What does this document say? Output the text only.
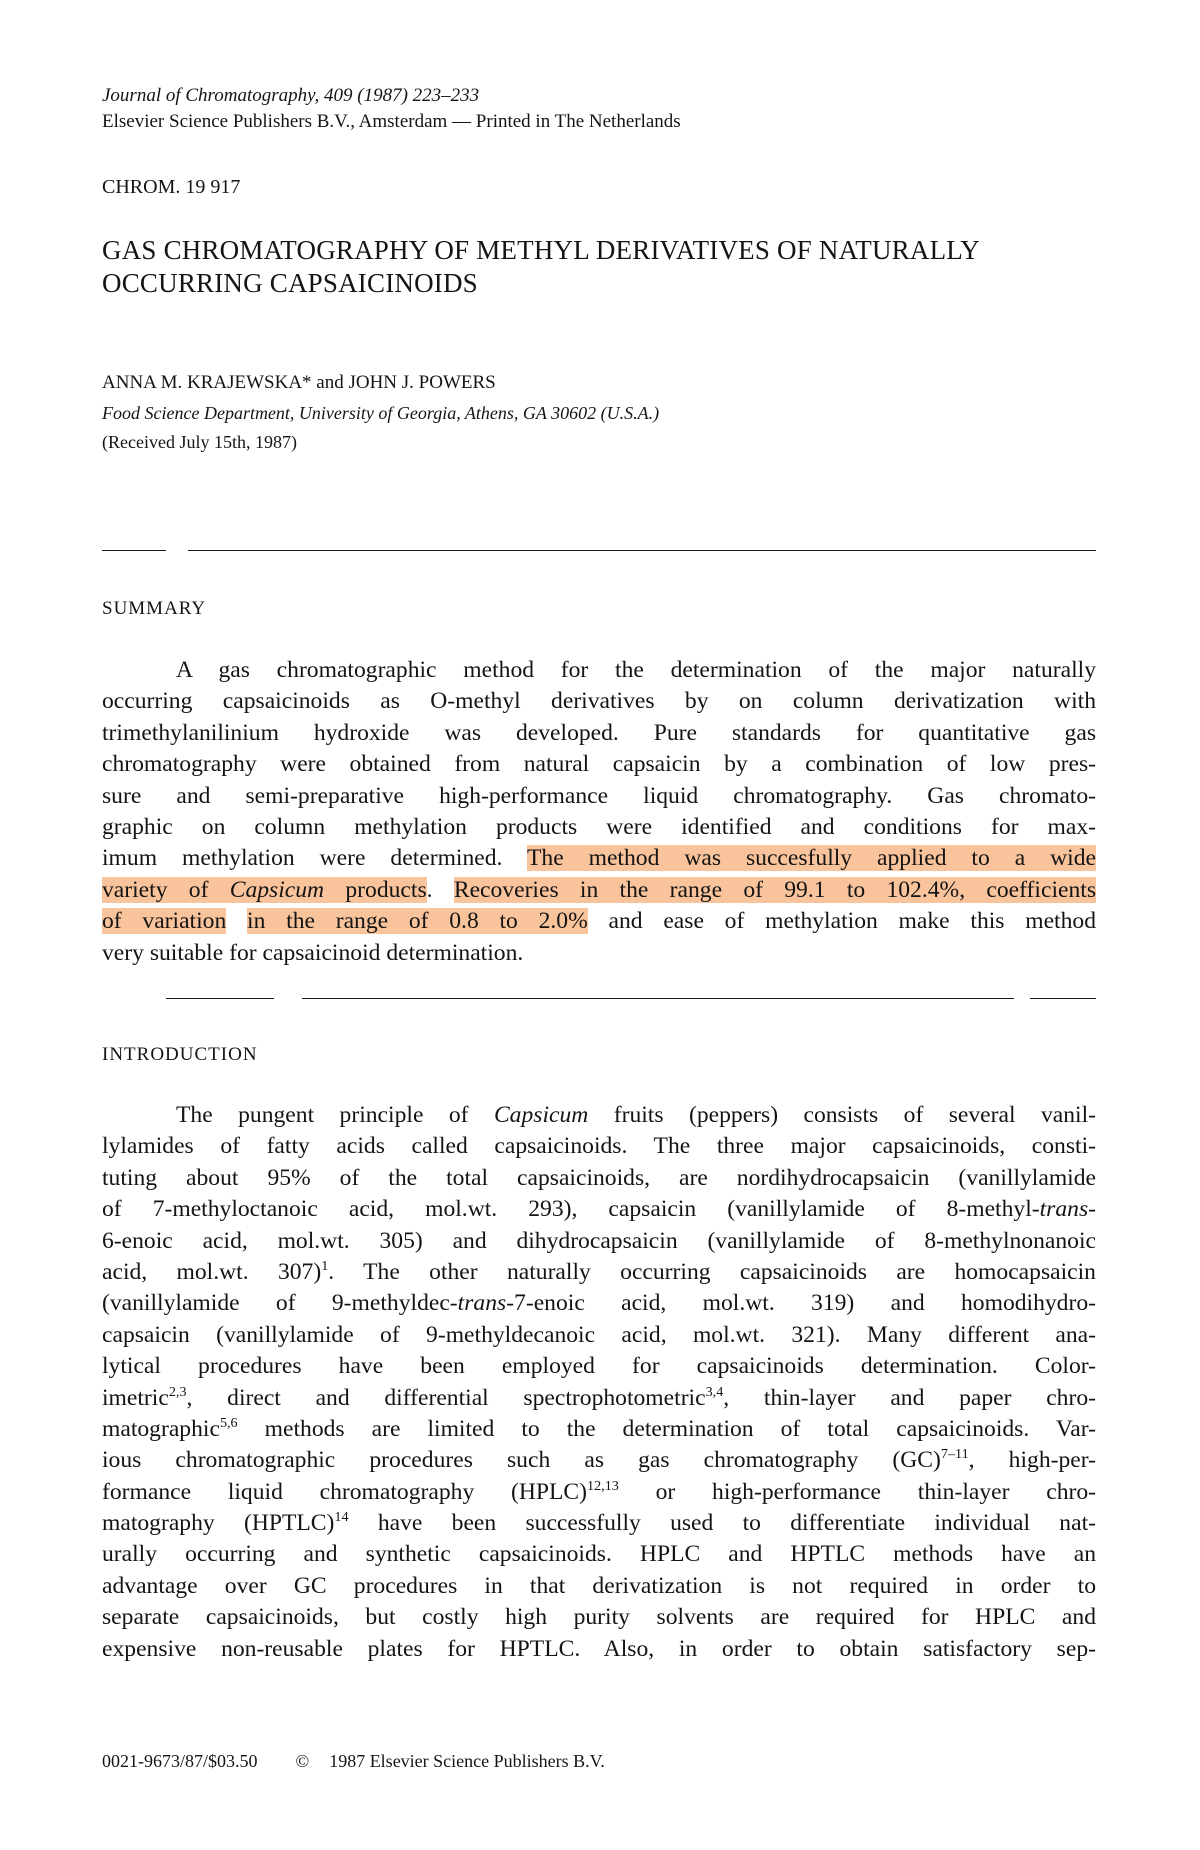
Journal of Chromatography, 409 (1987) 223–233
Elsevier Science Publishers B.V., Amsterdam — Printed in The Netherlands
CHROM. 19 917
GAS CHROMATOGRAPHY OF METHYL DERIVATIVES OF NATURALLY
OCCURRING CAPSAICINOIDS
ANNA M. KRAJEWSKA* and JOHN J. POWERS
Food Science Department, University of Georgia, Athens, GA 30602 (U.S.A.)
(Received July 15th, 1987)
SUMMARY
A gas chromatographic method for the determination of the major naturally
occurring capsaicinoids as O-methyl derivatives by on column derivatization with
trimethylanilinium hydroxide was developed. Pure standards for quantitative gas
chromatography were obtained from natural capsaicin by a combination of low pres-
sure and semi-preparative high-performance liquid chromatography. Gas chromato-
graphic on column methylation products were identified and conditions for max-
imum methylation were determined. The method was succesfully applied to a wide
variety of Capsicum products. Recoveries in the range of 99.1 to 102.4%, coefficients
of variation in the range of 0.8 to 2.0% and ease of methylation make this method
very suitable for capsaicinoid determination.
INTRODUCTION
The pungent principle of Capsicum fruits (peppers) consists of several vanil-
lylamides of fatty acids called capsaicinoids. The three major capsaicinoids, consti-
tuting about 95% of the total capsaicinoids, are nordihydrocapsaicin (vanillylamide
of 7-methyloctanoic acid, mol.wt. 293), capsaicin (vanillylamide of 8-methyl-trans-
6-enoic acid, mol.wt. 305) and dihydrocapsaicin (vanillylamide of 8-methylnonanoic
acid, mol.wt. 307)$^1$. The other naturally occurring capsaicinoids are homocapsaicin
(vanillylamide of 9-methyldec-trans-7-enoic acid, mol.wt. 319) and homodihydro-
capsaicin (vanillylamide of 9-methyldecanoic acid, mol.wt. 321). Many different ana-
lytical procedures have been employed for capsaicinoids determination. Color-
imetric$^{2,3}$, direct and differential spectrophotometric$^{3,4}$, thin-layer and paper chro-
matographic$^{5,6}$ methods are limited to the determination of total capsaicinoids. Var-
ious chromatographic procedures such as gas chromatography (GC)$^{7-11}$, high-per-
formance liquid chromatography (HPLC)$^{12,13}$ or high-performance thin-layer chro-
matography (HPTLC)$^{14}$ have been successfully used to differentiate individual nat-
urally occurring and synthetic capsaicinoids. HPLC and HPTLC methods have an
advantage over GC procedures in that derivatization is not required in order to
separate capsaicinoids, but costly high purity solvents are required for HPLC and
expensive non-reusable plates for HPTLC. Also, in order to obtain satisfactory sep-
0021-9673/87/$03.50 © 1987 Elsevier Science Publishers B.V.
